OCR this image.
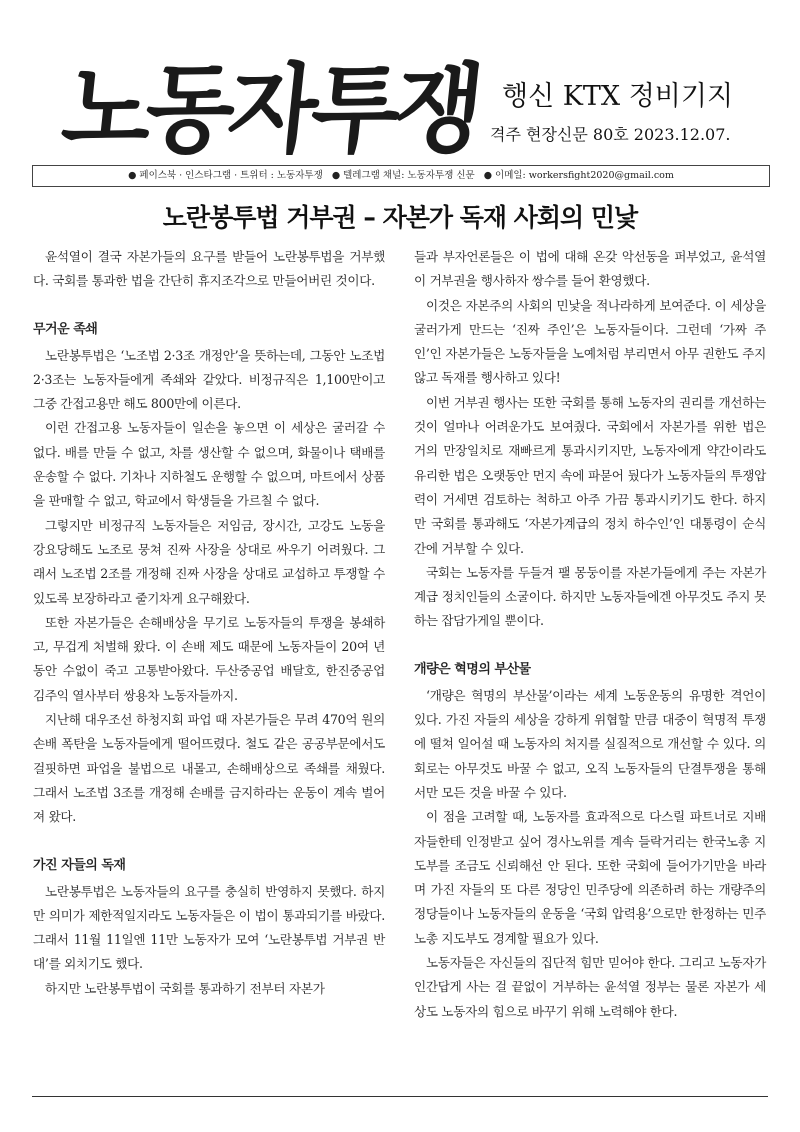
노동자투쟁 행신 KTX 정비기지
격주 현장신문 80호 2023.12.07.
● 페이스북 · 인스타그램 · 트위터 : 노동자투쟁 ● 텔레그램 채널: 노동자투쟁 신문 ● 이메일: workersfight2020@gmail.com
노란봉투법 거부권 – 자본가 독재 사회의 민낯

윤석열이 결국 자본가들의 요구를 받들어 노란봉투법을 거부했다. 국회를 통과한 법을 간단히 휴지조각으로 만들어버린 것이다.

무거운 족쇄

노란봉투법은 ‘노조법 2·3조 개정안’을 뜻하는데, 그동안 노조법 2·3조는 노동자들에게 족쇄와 같았다. 비정규직은 1,100만이고 그중 간접고용만 해도 800만에 이른다.

이런 간접고용 노동자들이 일손을 놓으면 이 세상은 굴러갈 수 없다. 배를 만들 수 없고, 차를 생산할 수 없으며, 화물이나 택배를 운송할 수 없다. 기차나 지하철도 운행할 수 없으며, 마트에서 상품을 판매할 수 없고, 학교에서 학생들을 가르칠 수 없다.

그렇지만 비정규직 노동자들은 저임금, 장시간, 고강도 노동을 강요당해도 노조로 뭉쳐 진짜 사장을 상대로 싸우기 어려웠다. 그래서 노조법 2조를 개정해 진짜 사장을 상대로 교섭하고 투쟁할 수 있도록 보장하라고 줄기차게 요구해왔다.

또한 자본가들은 손해배상을 무기로 노동자들의 투쟁을 봉쇄하고, 무겁게 처벌해 왔다. 이 손배 제도 때문에 노동자들이 20여 년 동안 수없이 죽고 고통받아왔다. 두산중공업 배달호, 한진중공업 김주익 열사부터 쌍용차 노동자들까지.

지난해 대우조선 하청지회 파업 때 자본가들은 무려 470억 원의 손배 폭탄을 노동자들에게 떨어뜨렸다. 철도 같은 공공부문에서도 걸핏하면 파업을 불법으로 내몰고, 손해배상으로 족쇄를 채웠다. 그래서 노조법 3조를 개정해 손배를 금지하라는 운동이 계속 벌어져 왔다.

가진 자들의 독재

노란봉투법은 노동자들의 요구를 충실히 반영하지 못했다. 하지만 의미가 제한적일지라도 노동자들은 이 법이 통과되기를 바랐다. 그래서 11월 11일엔 11만 노동자가 모여 ‘노란봉투법 거부권 반대’를 외치기도 했다.

하지만 노란봉투법이 국회를 통과하기 전부터 자본가

들과 부자언론들은 이 법에 대해 온갖 악선동을 퍼부었고, 윤석열이 거부권을 행사하자 쌍수를 들어 환영했다.

이것은 자본주의 사회의 민낯을 적나라하게 보여준다. 이 세상을 굴러가게 만드는 ‘진짜 주인’은 노동자들이다. 그런데 ‘가짜 주인’인 자본가들은 노동자들을 노예처럼 부리면서 아무 권한도 주지 않고 독재를 행사하고 있다!

이번 거부권 행사는 또한 국회를 통해 노동자의 권리를 개선하는 것이 얼마나 어려운가도 보여줬다. 국회에서 자본가를 위한 법은 거의 만장일치로 재빠르게 통과시키지만, 노동자에게 약간이라도 유리한 법은 오랫동안 먼지 속에 파묻어 뒀다가 노동자들의 투쟁압력이 거세면 검토하는 척하고 아주 가끔 통과시키기도 한다. 하지만 국회를 통과해도 ‘자본가계급의 정치 하수인’인 대통령이 순식간에 거부할 수 있다.

국회는 노동자를 두들겨 팰 몽둥이를 자본가들에게 주는 자본가계급 정치인들의 소굴이다. 하지만 노동자들에겐 아무것도 주지 못하는 잡담가게일 뿐이다.

개량은 혁명의 부산물

‘개량은 혁명의 부산물’이라는 세계 노동운동의 유명한 격언이 있다. 가진 자들의 세상을 강하게 위협할 만큼 대중이 혁명적 투쟁에 떨쳐 일어설 때 노동자의 처지를 실질적으로 개선할 수 있다. 의회로는 아무것도 바꿀 수 없고, 오직 노동자들의 단결투쟁을 통해서만 모든 것을 바꿀 수 있다.

이 점을 고려할 때, 노동자를 효과적으로 다스릴 파트너로 지배자들한테 인정받고 싶어 경사노위를 계속 들락거리는 한국노총 지도부를 조금도 신뢰해선 안 된다. 또한 국회에 들어가기만을 바라며 가진 자들의 또 다른 정당인 민주당에 의존하려 하는 개량주의 정당들이나 노동자들의 운동을 ‘국회 압력용’으로만 한정하는 민주노총 지도부도 경계할 필요가 있다.

노동자들은 자신들의 집단적 힘만 믿어야 한다. 그리고 노동자가 인간답게 사는 걸 끝없이 거부하는 윤석열 정부는 물론 자본가 세상도 노동자의 힘으로 바꾸기 위해 노력해야 한다.
